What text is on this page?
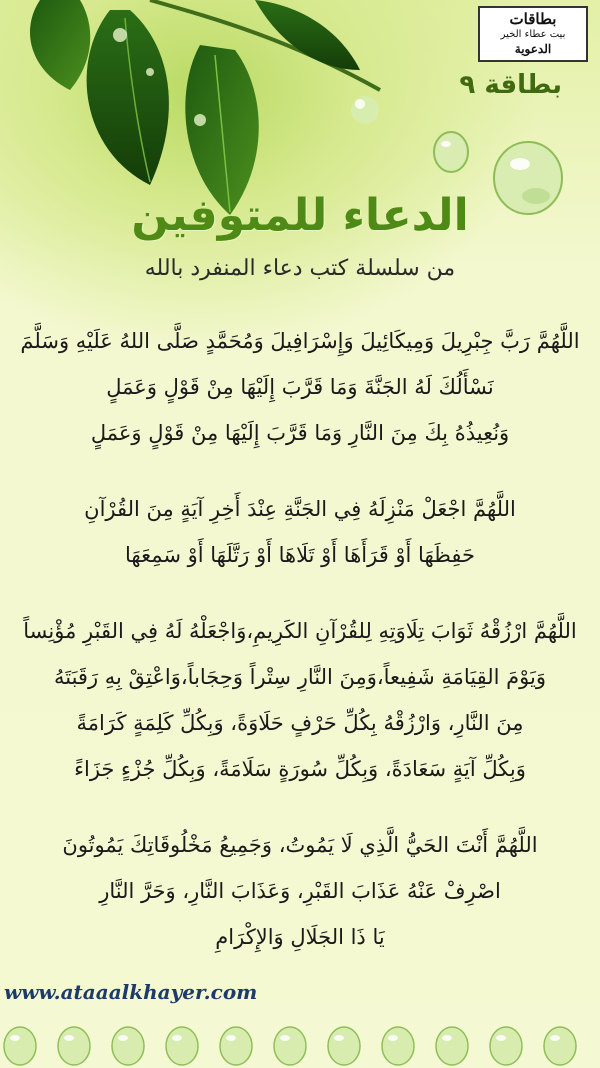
بطاقات
بيت عطاء الخير
الدعوية
بطاقة ٩
الدعاء للمتوفين
من سلسلة كتب دعاء المنفرد بالله
اللَّهُمَّ رَبَّ جِبْرِيلَ وَمِيكَائِيلَ وَإِسْرَافِيلَ وَمُحَمَّدٍ صَلَّى اللهُ عَلَيْهِ وَسَلَّمَ
نَسْأَلُكَ لَهُ الجَنَّةَ وَمَا قَرَّبَ إِلَيْهَا مِنْ قَوْلٍ وَعَمَلٍ
وَنُعِيذُهُ بِكَ مِنَ النَّارِ وَمَا قَرَّبَ إِلَيْهَا مِنْ قَوْلٍ وَعَمَلٍ
اللَّهُمَّ اجْعَلْ مَنْزِلَهُ فِي الجَنَّةِ عِنْدَ أَخِرِ آيَةٍ مِنَ القُرْآنِ
حَفِظَهَا أَوْ قَرَأَهَا أَوْ تَلَاهَا أَوْ رَتَّلَهَا أَوْ سَمِعَهَا
اللَّهُمَّ ارْزُقْهُ ثَوَابَ تِلَاوَتِهِ لِلقُرْآنِ الكَرِيمِ،وَاجْعَلْهُ لَهُ فِي القَبْرِ مُؤْنِساً
وَيَوْمَ القِيَامَةِ شَفِيعاً،وَمِنَ النَّارِ سِتْراً وَحِجَاباً،وَاعْتِقْ بِهِ رَقَبَتَهُ
مِنَ النَّارِ، وَارْزُقْهُ بِكُلِّ حَرْفٍ حَلَاوَةً، وَبِكُلِّ كَلِمَةٍ كَرَامَةً
وَبِكُلِّ آيَةٍ سَعَادَةً، وَبِكُلِّ سُورَةٍ سَلَامَةً، وَبِكُلِّ جُزْءٍ جَزَاءً
اللَّهُمَّ أَنْتَ الحَيُّ الَّذِي لَا يَمُوتُ، وَجَمِيعُ مَخْلُوقَاتِكَ يَمُوتُونَ
اصْرِفْ عَنْهُ عَذَابَ القَبْرِ، وَعَذَابَ النَّارِ، وَحَرَّ النَّارِ
يَا ذَا الجَلَالِ وَالإِكْرَامِ
www.ataaalkhayer.com
